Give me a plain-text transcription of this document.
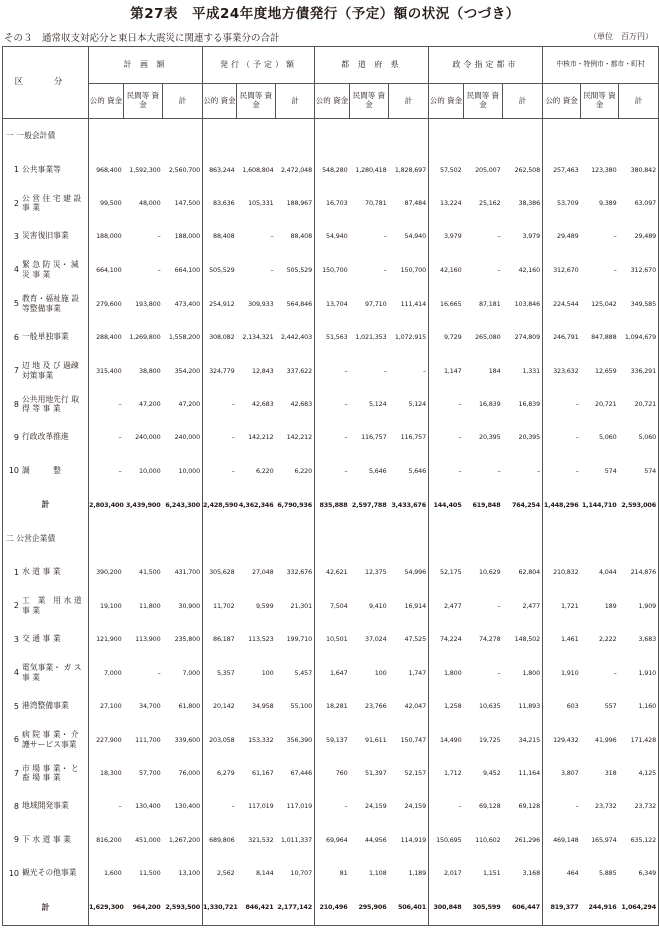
第27表　平成24年度地方債発行（予定）額の状況（つづき）
その３　通常収支対応分と東日本大震災に関連する事業分の合計	（単位　百万円）
区 分	計 画 額			発行（予定）額			都 道 府 県			政令指定都市			中核市・特例市・都市・町村		
	公的 資金	民間等 資 金	計	公的 資金	民間等 資 金	計	公的 資金	民間等 資 金	計	公的 資金	民間等 資 金	計	公的 資金	民間等 資 金	計

一 一般会計債															

1 公共事業等	968,400	1,592,300	2,560,700	863,244	1,608,804	2,472,048	548,280	1,280,418	1,828,697	57,502	205,007	262,508	257,463	123,380	380,842

2
公 営 住 宅 建 設 事 業	99,500	48,000	147,500	83,636	105,331	188,967	16,703	70,781	87,484	13,224	25,162	38,386	53,709	9,389	63,097

3 災害復旧事業	188,000	–	188,000	88,408	–	88,408	54,940	–	54,940	3,979	–	3,979	29,489	–	29,489

4
緊 急 防 災・ 減 災 事 業	664,100	–	664,100	505,529	–	505,529	150,700	–	150,700	42,160	–	42,160	312,670	–	312,670

5
教育・福祉施 設等整備事業	279,600	193,800	473,400	254,912	309,933	564,846	13,704	97,710	111,414	16,665	87,181	103,846	224,544	125,042	349,585

6 一般単独事業	288,400	1,269,800	1,558,200	308,082	2,134,321	2,442,403	51,563	1,021,353	1,072,915	9,729	265,080	274,809	246,791	847,888	1,094,679

7
辺 地 及 び 過疎対策事業	315,400	38,800	354,200	324,779	12,843	337,622	–	–	–	1,147	184	1,331	323,632	12,659	336,291

8
公共用地先行 取 得 等 事 業	–	47,200	47,200	–	42,683	42,683	–	5,124	5,124	–	16,839	16,839	–	20,721	20,721

9 行政改革推進	–	240,000	240,000	–	142,212	142,212	–	116,757	116,757	–	20,395	20,395	–	5,060	5,060

10 調　　　整	–	10,000	10,000	–	6,220	6,220	–	5,646	5,646	–	–	–	–	574	574

計	2,803,400	3,439,900	6,243,300	2,428,590	4,362,346	6,790,936	835,888	2,597,788	3,433,676	144,405	619,848	764,254	1,448,296	1,144,710	2,593,006

二 公営企業債															

1 水 道 事 業	390,200	41,500	431,700	305,628	27,048	332,676	42,621	12,375	54,996	52,175	10,629	62,804	210,832	4,044	214,876

2
工　業　用 水 道 事 業	19,100	11,800	30,900	11,702	9,599	21,301	7,504	9,410	16,914	2,477	–	2,477	1,721	189	1,909

3 交 通 事 業	121,900	113,900	235,800	86,187	113,523	199,710	10,501	37,024	47,525	74,224	74,278	148,502	1,461	2,222	3,683

4
電気事業・ ガ ス 事 業	7,000	–	7,000	5,357	100	5,457	1,647	100	1,747	1,800	–	1,800	1,910	–	1,910

5 港湾整備事業	27,100	34,700	61,800	20,142	34,958	55,100	18,281	23,766	42,047	1,258	10,635	11,893	603	557	1,160

6
病 院 事 業・ 介護サービス事業	227,900	111,700	339,600	203,058	153,332	356,390	59,137	91,611	150,747	14,490	19,725	34,215	129,432	41,996	171,428

7
市 場 事 業・ と 畜 場 事 業	18,300	57,700	76,000	6,279	61,167	67,446	760	51,397	52,157	1,712	9,452	11,164	3,807	318	4,125

8 地域開発事業	–	130,400	130,400	–	117,019	117,019	–	24,159	24,159	–	69,128	69,128	–	23,732	23,732

9 下 水 道 事 業	816,200	451,000	1,267,200	689,806	321,532	1,011,337	69,964	44,956	114,919	150,695	110,602	261,296	469,148	165,974	635,122

10 観光その他事業	1,600	11,500	13,100	2,562	8,144	10,707	81	1,108	1,189	2,017	1,151	3,168	464	5,885	6,349

計	1,629,300	964,200	2,593,500	1,330,721	846,421	2,177,142	210,496	295,906	506,401	300,848	305,599	606,447	819,377	244,916	1,064,294
